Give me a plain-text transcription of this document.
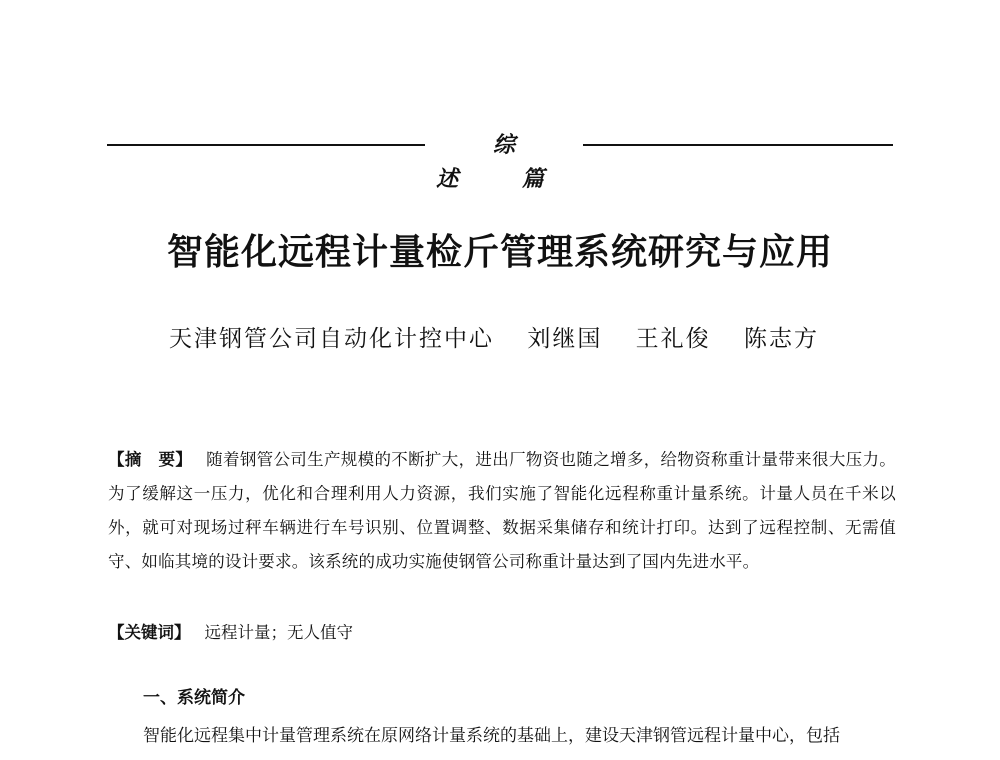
综 述 篇
智能化远程计量检斤管理系统研究与应用
天津钢管公司自动化计控中心 刘继国 王礼俊 陈志方
【摘　要】 随着钢管公司生产规模的不断扩大，进出厂物资也随之增多，给物资称重计量带来很大压力。为了缓解这一压力，优化和合理利用人力资源，我们实施了智能化远程称重计量系统。计量人员在千米以外，就可对现场过秤车辆进行车号识别、位置调整、数据采集储存和统计打印。达到了远程控制、无需值守、如临其境的设计要求。该系统的成功实施使钢管公司称重计量达到了国内先进水平。
【关键词】 远程计量；无人值守
一、系统简介
智能化远程集中计量管理系统在原网络计量系统的基础上，建设天津钢管远程计量中心，包括
